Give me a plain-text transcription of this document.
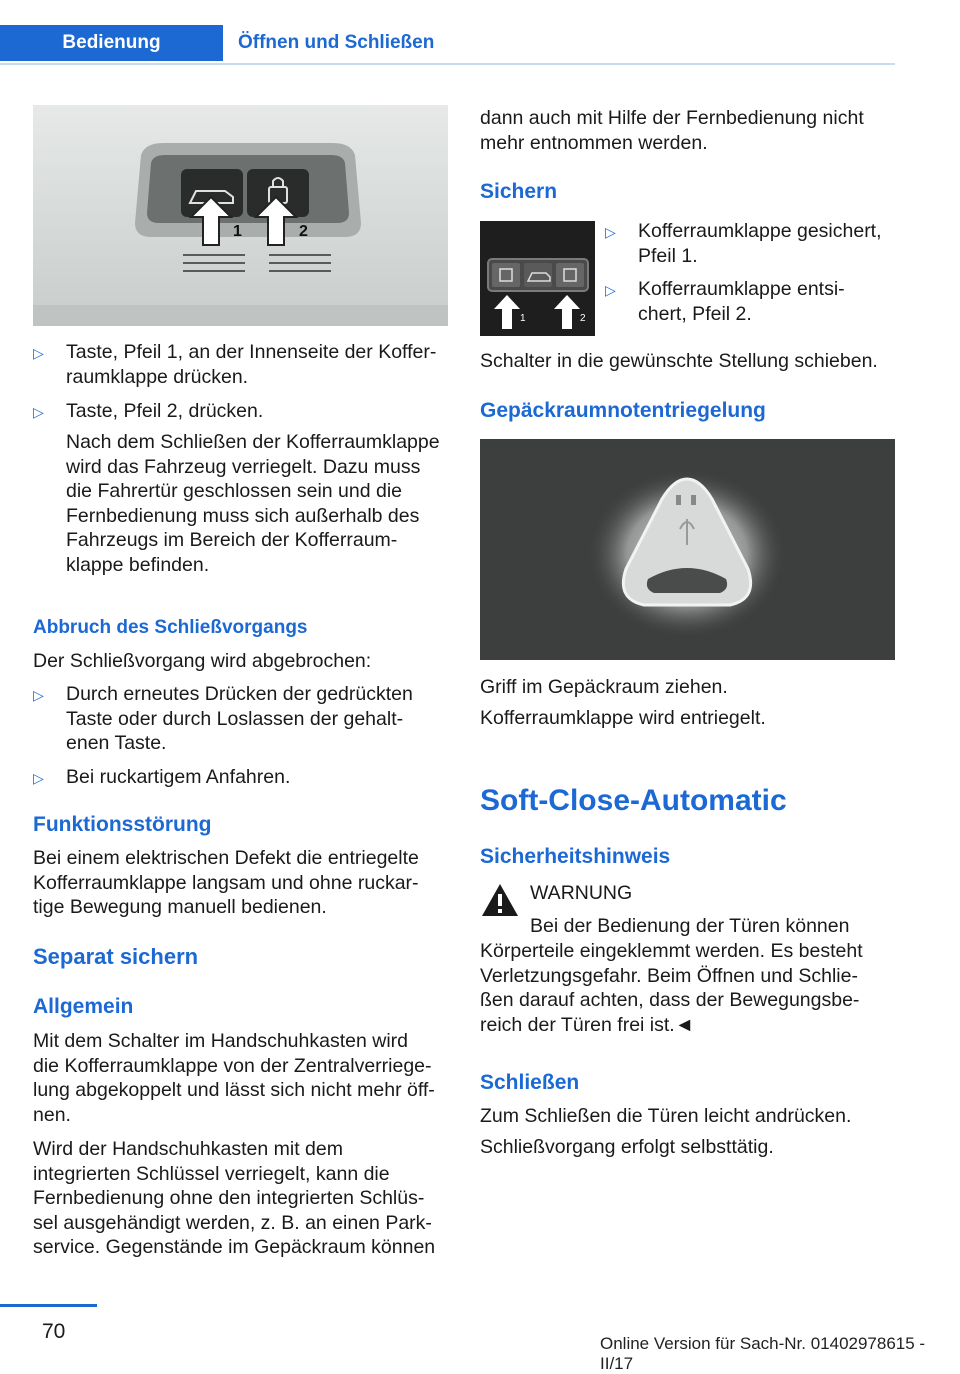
Bedienung	Öffnen und Schließen
1	2
▷	Taste, Pfeil 1, an der Innenseite der Koffer-
raumklappe drücken.
▷	Taste, Pfeil 2, drücken.

Nach dem Schließen der Kofferraumklappe
wird das Fahrzeug verriegelt. Dazu muss
die Fahrertür geschlossen sein und die
Fernbedienung muss sich außerhalb des
Fahrzeugs im Bereich der Kofferraum-
klappe befinden.

Abbruch des Schließvorgangs

Der Schließvorgang wird abgebrochen:

▷	Durch erneutes Drücken der gedrückten
Taste oder durch Loslassen der gehalt-
enen Taste.
▷	Bei ruckartigem Anfahren.
Funktionsstörung

Bei einem elektrischen Defekt die entriegelte
Kofferraumklappe langsam und ohne ruckar-
tige Bewegung manuell bedienen.

Separat sichern
Allgemein

Mit dem Schalter im Handschuhkasten wird
die Kofferraumklappe von der Zentralverriege-
lung abgekoppelt und lässt sich nicht mehr öff-
nen.

Wird der Handschuhkasten mit dem
integrierten Schlüssel verriegelt, kann die
Fernbedienung ohne den integrierten Schlüs-
sel ausgehändigt werden, z. B. an einen Park-
service. Gegenstände im Gepäckraum können

dann auch mit Hilfe der Fernbedienung nicht
mehr entnommen werden.

Sichern
1	2
▷	Kofferraumklappe gesichert,
Pfeil 1.
▷	Kofferraumklappe entsi-
chert, Pfeil 2.

Schalter in die gewünschte Stellung schieben.

Gepäckraumnotentriegelung

Griff im Gepäckraum ziehen.

Kofferraumklappe wird entriegelt.

Soft-Close-Automatic
Sicherheitshinweis

WARNUNG

Bei der Bedienung der Türen können

Körperteile eingeklemmt werden. Es besteht
Verletzungsgefahr. Beim Öffnen und Schlie-
ßen darauf achten, dass der Bewegungsbe-
reich der Türen frei ist.◄

Schließen

Zum Schließen die Türen leicht andrücken.

Schließvorgang erfolgt selbsttätig.

70
Online Version für Sach-Nr. 01402978615 - II/17
